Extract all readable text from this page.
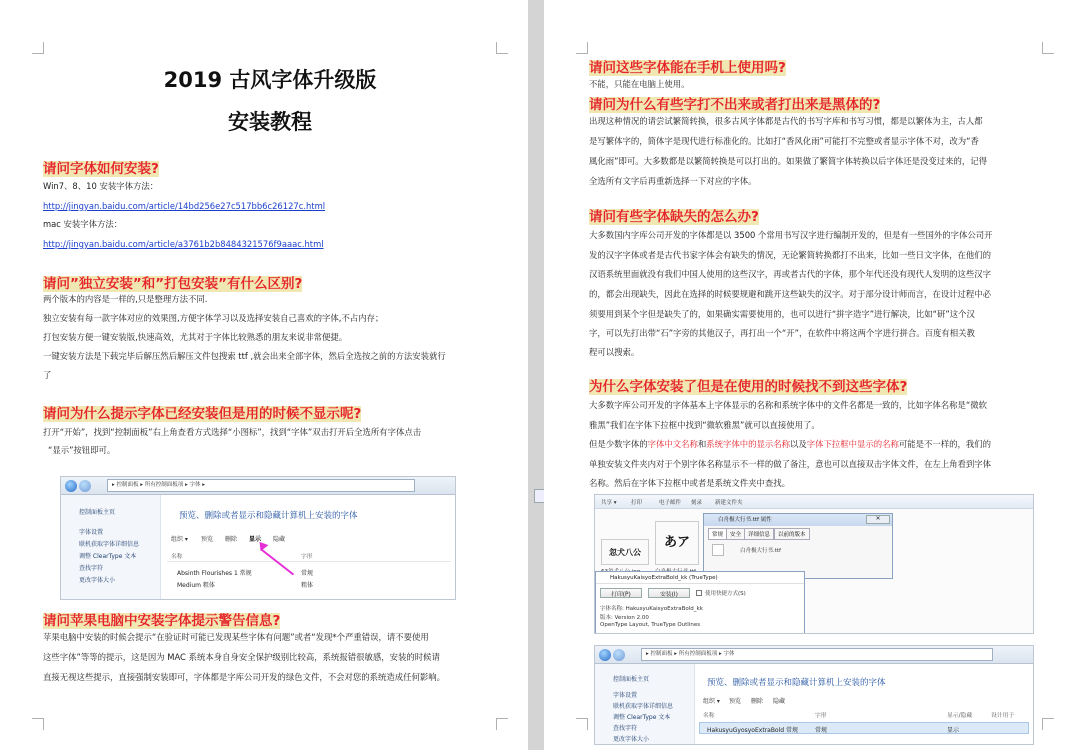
2019 古风字体升级版
安装教程
请问字体如何安装?
Win7、8、10 安装字体方法：
http://jingyan.baidu.com/article/14bd256e27c517bb6c26127c.html
mac 安装字体方法：
http://jingyan.baidu.com/article/a3761b2b8484321576f9aaac.html
请问”独立安装”和”打包安装”有什么区别?
两个版本的内容是一样的,只是整理方法不同.
独立安装有每一款字体对应的效果图,方便字体学习以及选择安装自己喜欢的字体,不占内存；
打包安装方便一键安装版,快速高效，尤其对于字体比较熟悉的朋友来说非常便捷。
一键安装方法是下载完毕后解压然后解压文件包搜索 ttf ,就会出来全部字体，然后全选按之前的方法安装就行
了
请问为什么提示字体已经安装但是用的时候不显示呢?
打开“开始”，找到“控制面板”右上角查看方式选择“小图标”，找到“字体”双击打开后全选所有字体点击
“显示”按钮即可。
▸ 控制面板 ▸ 所有控制面板项 ▸ 字体 ▸
控制面板主页
字体设置
联机获取字体详细信息
调整 ClearType 文本
查找字符
更改字体大小
预览、删除或者显示和隐藏计算机上安装的字体
组织 ▾ 预览 删除 显示 隐藏
名称	字形
Absinth Flourishes 1 常规	常规
Medium 粗体	粗体
请问苹果电脑中安装字体提示警告信息?
苹果电脑中安装的时候会提示“在验证时可能已发现某些字体有问题”或者“发现*个严重错误，请不要使用
这些字体”等等的提示，这是因为 MAC 系统本身自身安全保护级别比较高，系统报错很敏感，安装的时候请
直接无视这些提示，直接强制安装即可，字体都是字库公司开发的绿色文件，不会对您的系统造成任何影响。
请问这些字体能在手机上使用吗?
不能，只能在电脑上使用。
请问为什么有些字打不出来或者打出来是黑体的?
出现这种情况的请尝试繁简转换，很多古风字体都是古代的书写字库和书写习惯，都是以繁体为主，古人都
是写繁体字的，简体字是现代进行标准化的。比如打“香风化雨”可能打不完整或者显示字体不对，改为“香
風化雨”即可。大多数都是以繁简转换是可以打出的。如果做了繁简字体转换以后字体还是没变过来的，记得
全选所有文字后再重新选择一下对应的字体。
请问有些字体缺失的怎么办?
大多数国内字库公司开发的字体都是以 3500 个常用书写汉字进行编制开发的，但是有一些国外的字体公司开
发的汉字字体或者是古代书家字体会有缺失的情况，无论繁简转换都打不出来，比如一些日文字体，在他们的
汉语系统里面就没有我们中国人使用的这些汉字，再或者古代的字体，那个年代还没有现代人发明的这些汉字
的，都会出现缺失，因此在选择的时候要规避和跳开这些缺失的汉字。对于部分设计师而言，在设计过程中必
须要用到某个字但是缺失了的，如果确实需要使用的，也可以进行“拼字造字”进行解决，比如“研”这个汉
字，可以先打出带“石”字旁的其他汉子，再打出一个“开”，在软件中将这两个字进行拼合。百度有相关教
程可以搜索。
为什么字体安装了但是在使用的时候找不到这些字体?
大多数字库公司开发的字体基本上字体显示的名称和系统字体中的文件名都是一致的，比如字体名称是“微软
雅黑”我们在字体下拉框中找到“微软雅黑”就可以直接使用了。
但是少数字体的字体中文名称和系统字体中的显示名称以及字体下拉框中显示的名称可能是不一样的，我们的
单独安装文件夹内对于个别字体名称显示不一样的做了备注，意也可以直接双击字体文件，在左上角看到字体
名称。然后在字体下拉框中或者是系统文件夹中查找。
共享 ▾	打印	电子邮件 刻录 新建文件夹
忽犬八公
あア
白舟极大行书.ttf 属性	✕
常规	安全	详细信息	以前的版本
白舟极大行书.ttf
HakusyuKaisyoExtraBold_kk (TrueType)
打印(P)	安装(I)	使用快捷方式(S)
字体名称: HakusyuKaisyoExtraBold_kk
版本: Version 2.00
OpenType Layout, TrueType Outlines
▸ 控制面板 ▸ 所有控制面板项 ▸ 字体
控制面板主页
字体设置
联机获取字体详细信息
调整 ClearType 文本
查找字符
更改字体大小
预览、删除或者显示和隐藏计算机上安装的字体
组织 ▾ 预览 删除 隐藏
名称	字形	显示/隐藏	设计用于
HakusyuGyosyoExtraBold 常规	常规	显示
